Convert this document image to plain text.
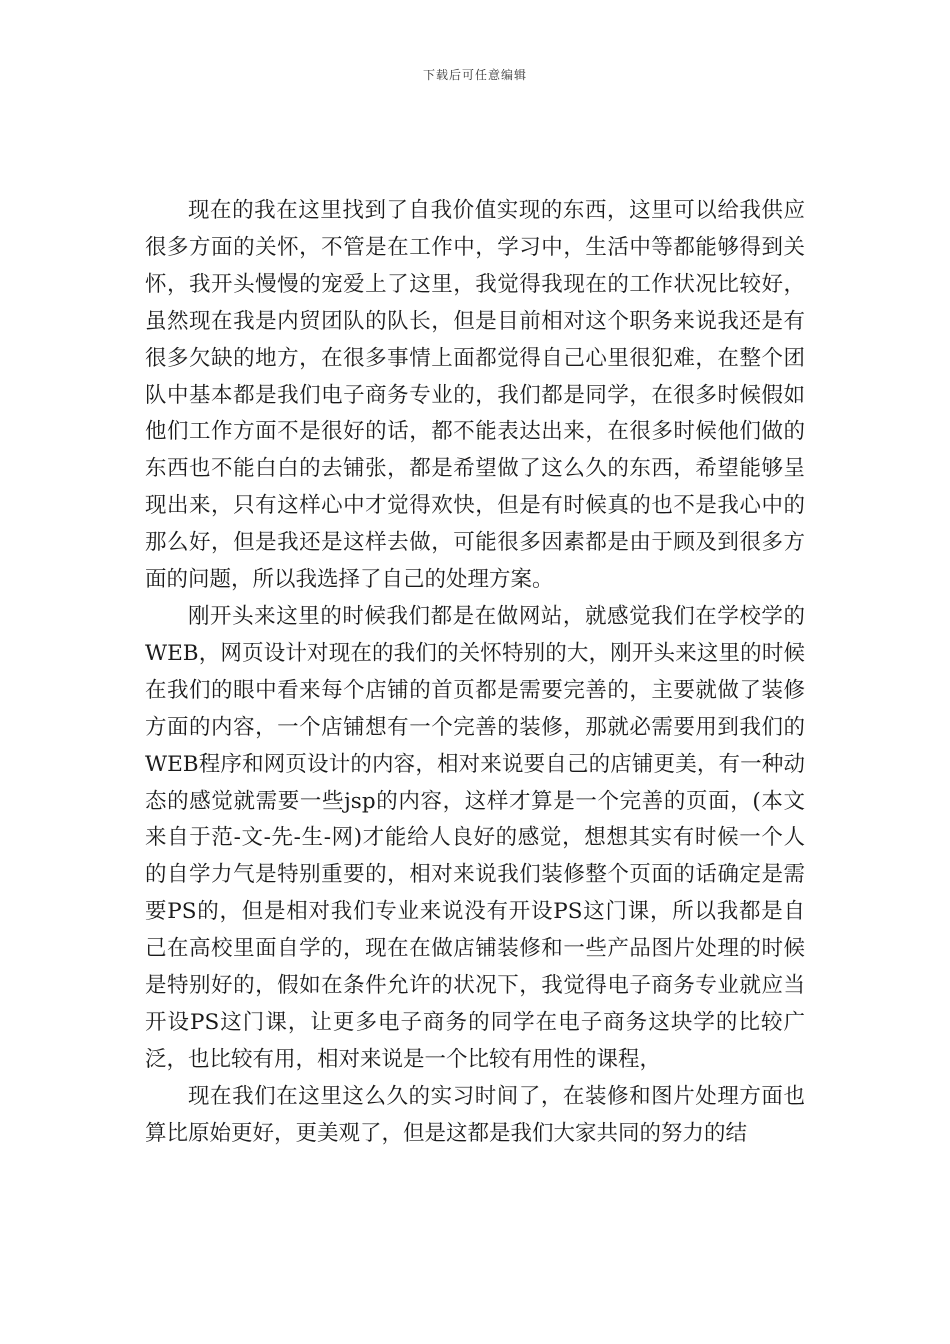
下载后可任意编辑

现在的我在这里找到了自我价值实现的东西，这里可以给我供应很多方面的关怀，不管是在工作中，学习中，生活中等都能够得到关怀，我开头慢慢的宠爱上了这里，我觉得我现在的工作状况比较好，虽然现在我是内贸团队的队长，但是目前相对这个职务来说我还是有很多欠缺的地方，在很多事情上面都觉得自己心里很犯难，在整个团队中基本都是我们电子商务专业的，我们都是同学，在很多时候假如他们工作方面不是很好的话，都不能表达出来，在很多时候他们做的东西也不能白白的去铺张，都是希望做了这么久的东西，希望能够呈现出来，只有这样心中才觉得欢快，但是有时候真的也不是我心中的那么好，但是我还是这样去做，可能很多因素都是由于顾及到很多方面的问题，所以我选择了自己的处理方案。

刚开头来这里的时候我们都是在做网站，就感觉我们在学校学的WEB，网页设计对现在的我们的关怀特别的大，刚开头来这里的时候在我们的眼中看来每个店铺的首页都是需要完善的，主要就做了装修方面的内容，一个店铺想有一个完善的装修，那就必需要用到我们的WEB程序和网页设计的内容，相对来说要自己的店铺更美，有一种动态的感觉就需要一些jsp的内容，这样才算是一个完善的页面，(本文来自于范-文-先-生-网)才能给人良好的感觉，想想其实有时候一个人的自学力气是特别重要的，相对来说我们装修整个页面的话确定是需要PS的，但是相对我们专业来说没有开设PS这门课，所以我都是自己在高校里面自学的，现在在做店铺装修和一些产品图片处理的时候是特别好的，假如在条件允许的状况下，我觉得电子商务专业就应当开设PS这门课，让更多电子商务的同学在电子商务这块学的比较广泛，也比较有用，相对来说是一个比较有用性的课程，

现在我们在这里这么久的实习时间了，在装修和图片处理方面也算比原始更好，更美观了，但是这都是我们大家共同的努力的结
